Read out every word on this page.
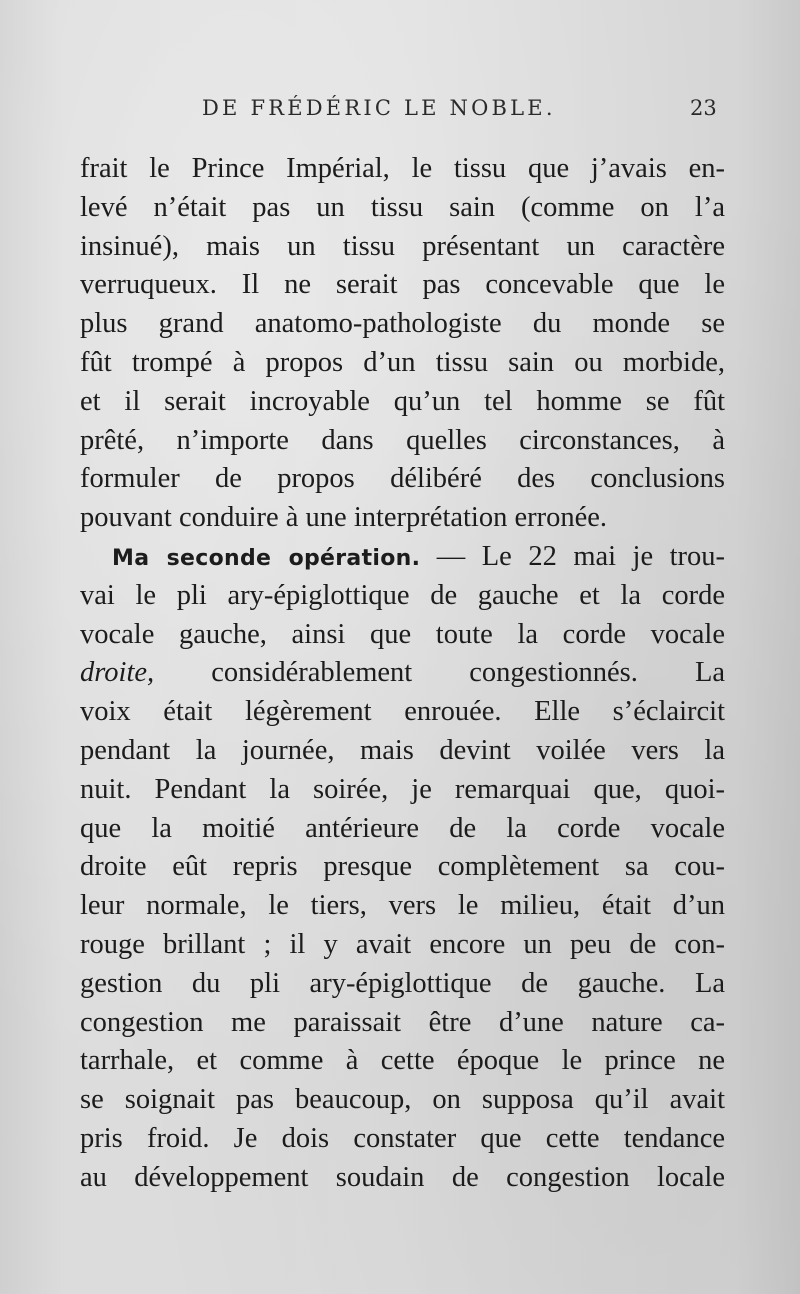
DE FRÉDÉRIC LE NOBLE.	23
frait le Prince Impérial, le tissu que j’avais en-
levé n’était pas un tissu sain (comme on l’a
insinué), mais un tissu présentant un caractère
verruqueux. Il ne serait pas concevable que le
plus grand anatomo-pathologiste du monde se
fût trompé à propos d’un tissu sain ou morbide,
et il serait incroyable qu’un tel homme se fût
prêté, n’importe dans quelles circonstances, à
formuler de propos délibéré des conclusions
pouvant conduire à une interprétation erronée.
Ma seconde opération. — Le 22 mai je trou-
vai le pli ary-épiglottique de gauche et la corde
vocale gauche, ainsi que toute la corde vocale
droite, considérablement congestionnés. La
voix était légèrement enrouée. Elle s’éclaircit
pendant la journée, mais devint voilée vers la
nuit. Pendant la soirée, je remarquai que, quoi-
que la moitié antérieure de la corde vocale
droite eût repris presque complètement sa cou-
leur normale, le tiers, vers le milieu, était d’un
rouge brillant ; il y avait encore un peu de con-
gestion du pli ary-épiglottique de gauche. La
congestion me paraissait être d’une nature ca-
tarrhale, et comme à cette époque le prince ne
se soignait pas beaucoup, on supposa qu’il avait
pris froid. Je dois constater que cette tendance
au développement soudain de congestion locale
